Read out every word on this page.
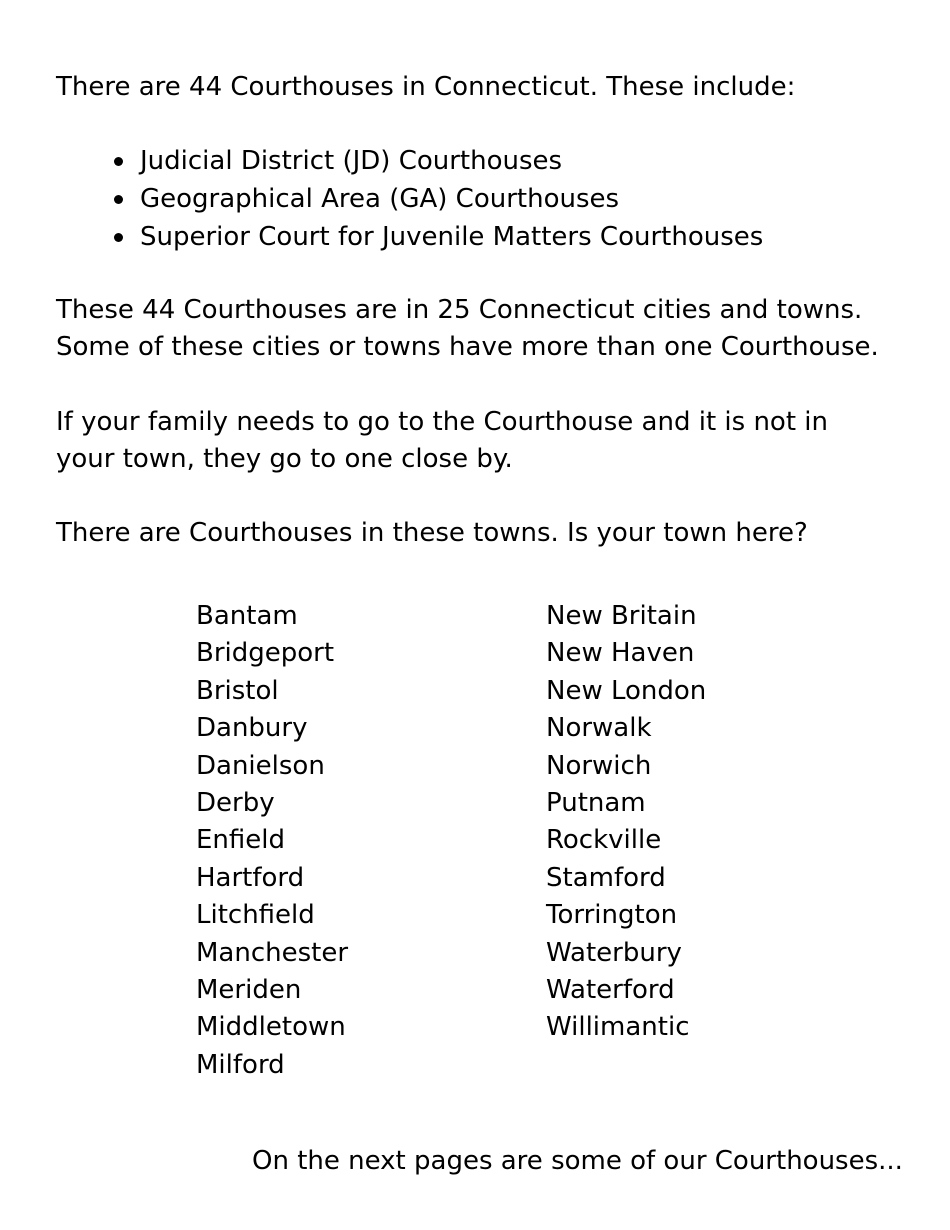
There are 44 Courthouses in Connecticut. These include:

Judicial District (JD) Courthouses
Geographical Area (GA) Courthouses
Superior Court for Juvenile Matters Courthouses

These 44 Courthouses are in 25 Connecticut cities and towns.
Some of these cities or towns have more than one Courthouse.

If your family needs to go to the Courthouse and it is not in
your town, they go to one close by.

There are Courthouses in these towns. Is your town here?

Bantam
Bridgeport
Bristol
Danbury
Danielson
Derby
Enfield
Hartford
Litchfield
Manchester
Meriden
Middletown
Milford
New Britain
New Haven
New London
Norwalk
Norwich
Putnam
Rockville
Stamford
Torrington
Waterbury
Waterford
Willimantic

On the next pages are some of our Courthouses...
